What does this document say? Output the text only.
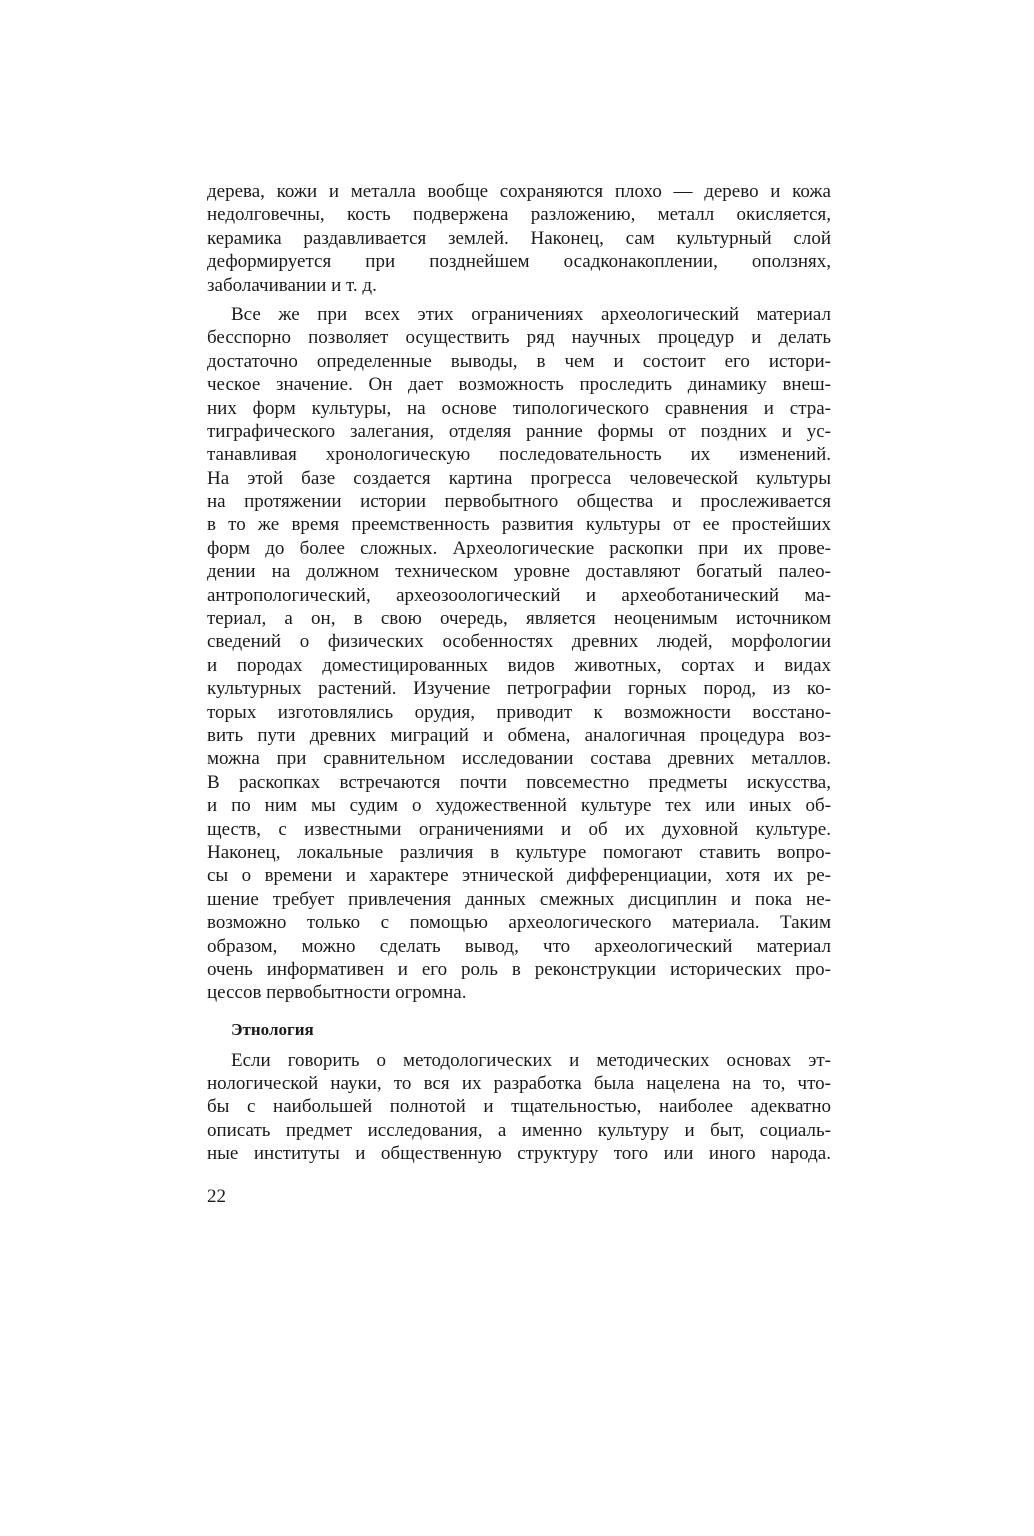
дерева, кожи и металла вообще сохраняются плохо — дерево и кожа
недолговечны, кость подвержена разложению, металл окисляется,
керамика раздавливается землей. Наконец, сам культурный слой
деформируется при позднейшем осадконакоплении, оползнях,
заболачивании и т. д.
Все же при всех этих ограничениях археологический материал
бесспорно позволяет осуществить ряд научных процедур и делать
достаточно определенные выводы, в чем и состоит его истори-
ческое значение. Он дает возможность проследить динамику внеш-
них форм культуры, на основе типологического сравнения и стра-
тиграфического залегания, отделяя ранние формы от поздних и ус-
танавливая хронологическую последовательность их изменений.
На этой базе создается картина прогресса человеческой культуры
на протяжении истории первобытного общества и прослеживается
в то же время преемственность развития культуры от ее простейших
форм до более сложных. Археологические раскопки при их прове-
дении на должном техническом уровне доставляют богатый палео-
антропологический, археозоологический и археоботанический ма-
териал, а он, в свою очередь, является неоценимым источником
сведений о физических особенностях древних людей, морфологии
и породах доместицированных видов животных, сортах и видах
культурных растений. Изучение петрографии горных пород, из ко-
торых изготовлялись орудия, приводит к возможности восстано-
вить пути древних миграций и обмена, аналогичная процедура воз-
можна при сравнительном исследовании состава древних металлов.
В раскопках встречаются почти повсеместно предметы искусства,
и по ним мы судим о художественной культуре тех или иных об-
ществ, с известными ограничениями и об их духовной культуре.
Наконец, локальные различия в культуре помогают ставить вопро-
сы о времени и характере этнической дифференциации, хотя их ре-
шение требует привлечения данных смежных дисциплин и пока не-
возможно только с помощью археологического материала. Таким
образом, можно сделать вывод, что археологический материал
очень информативен и его роль в реконструкции исторических про-
цессов первобытности огромна.
Этнология
Если говорить о методологических и методических основах эт-
нологической науки, то вся их разработка была нацелена на то, что-
бы с наибольшей полнотой и тщательностью, наиболее адекватно
описать предмет исследования, а именно культуру и быт, социаль-
ные институты и общественную структуру того или иного народа.
22
